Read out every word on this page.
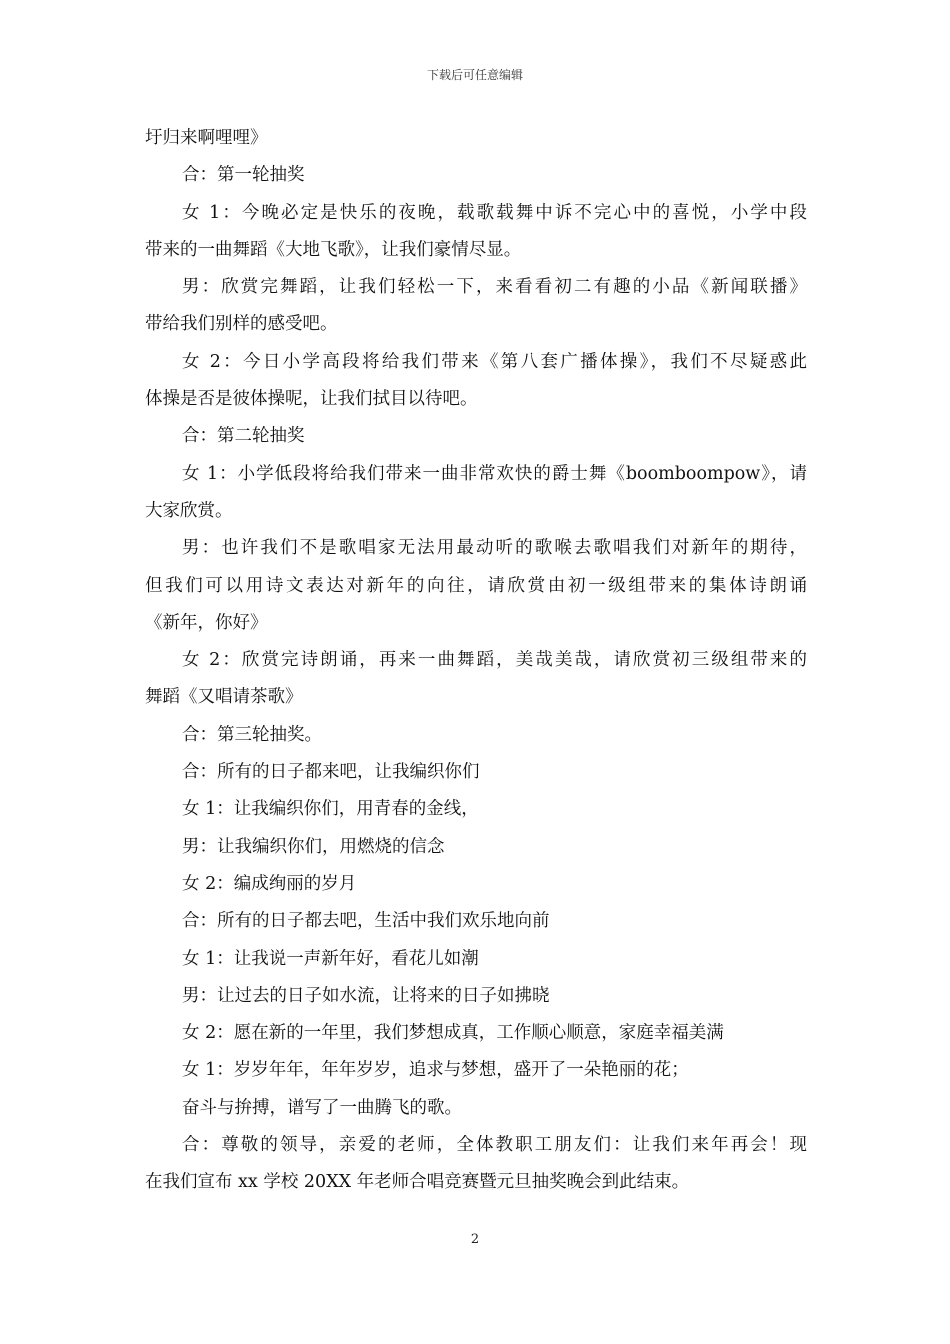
下载后可任意编辑
圩归来啊哩哩》
合：第一轮抽奖
女 1：今晚必定是快乐的夜晚，载歌载舞中诉不完心中的喜悦，小学中段
带来的一曲舞蹈《大地飞歌》，让我们豪情尽显。
男：欣赏完舞蹈，让我们轻松一下，来看看初二有趣的小品《新闻联播》
带给我们别样的感受吧。
女 2：今日小学高段将给我们带来《第八套广播体操》，我们不尽疑惑此
体操是否是彼体操呢，让我们拭目以待吧。
合：第二轮抽奖
女 1：小学低段将给我们带来一曲非常欢快的爵士舞《boomboompow》，请
大家欣赏。
男：也许我们不是歌唱家无法用最动听的歌喉去歌唱我们对新年的期待，
但我们可以用诗文表达对新年的向往，请欣赏由初一级组带来的集体诗朗诵
《新年，你好》
女 2：欣赏完诗朗诵，再来一曲舞蹈，美哉美哉，请欣赏初三级组带来的
舞蹈《又唱请茶歌》
合：第三轮抽奖。
合：所有的日子都来吧，让我编织你们
女 1：让我编织你们，用青春的金线，
男：让我编织你们，用燃烧的信念
女 2：编成绚丽的岁月
合：所有的日子都去吧，生活中我们欢乐地向前
女 1：让我说一声新年好，看花儿如潮
男：让过去的日子如水流，让将来的日子如拂晓
女 2：愿在新的一年里，我们梦想成真，工作顺心顺意，家庭幸福美满
女 1：岁岁年年，年年岁岁，追求与梦想，盛开了一朵艳丽的花；
奋斗与拚搏，谱写了一曲腾飞的歌。
合：尊敬的领导，亲爱的老师，全体教职工朋友们：让我们来年再会！现
在我们宣布 xx 学校 20XX 年老师合唱竞赛暨元旦抽奖晚会到此结束。
2
